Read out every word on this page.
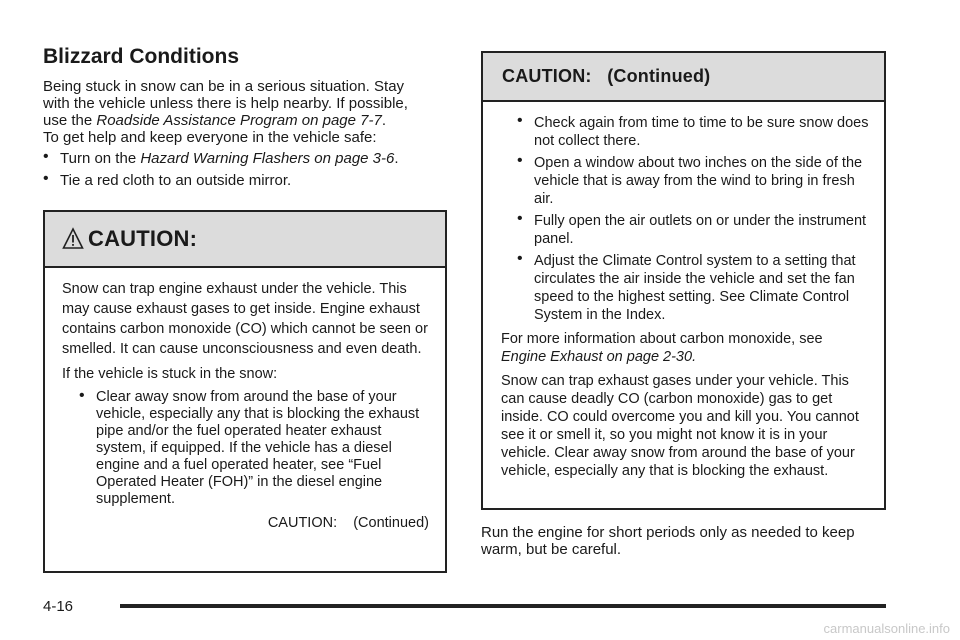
Blizzard Conditions

Being stuck in snow can be in a serious situation. Stay
with the vehicle unless there is help nearby. If possible,
use the Roadside Assistance Program on page 7-7.
To get help and keep everyone in the vehicle safe:

• Turn on the Hazard Warning Flashers on page 3-6.
• Tie a red cloth to an outside mirror.
CAUTION:

Snow can trap engine exhaust under the vehicle. This may cause exhaust gases to get inside. Engine exhaust contains carbon monoxide (CO) which cannot be seen or smelled. It can cause unconsciousness and even death.

If the vehicle is stuck in the snow:

• Clear away snow from around the base of your vehicle, especially any that is blocking the exhaust pipe and/or the fuel operated heater exhaust system, if equipped. If the vehicle has a diesel engine and a fuel operated heater, see “Fuel Operated Heater (FOH)” in the diesel engine supplement.
CAUTION:    (Continued)
CAUTION:   (Continued)
• Check again from time to time to be sure snow does not collect there.
• Open a window about two inches on the side of the vehicle that is away from the wind to bring in fresh air.
• Fully open the air outlets on or under the instrument panel.
• Adjust the Climate Control system to a setting that circulates the air inside the vehicle and set the fan speed to the highest setting. See Climate Control System in the Index.

For more information about carbon monoxide, see
Engine Exhaust on page 2-30.

Snow can trap exhaust gases under your vehicle. This can cause deadly CO (carbon monoxide) gas to get inside. CO could overcome you and kill you. You cannot see it or smell it, so you might not know it is in your vehicle. Clear away snow from around the base of your vehicle, especially any that is blocking the exhaust.

Run the engine for short periods only as needed to keep warm, but be careful.
4-16
carmanualsonline.info
